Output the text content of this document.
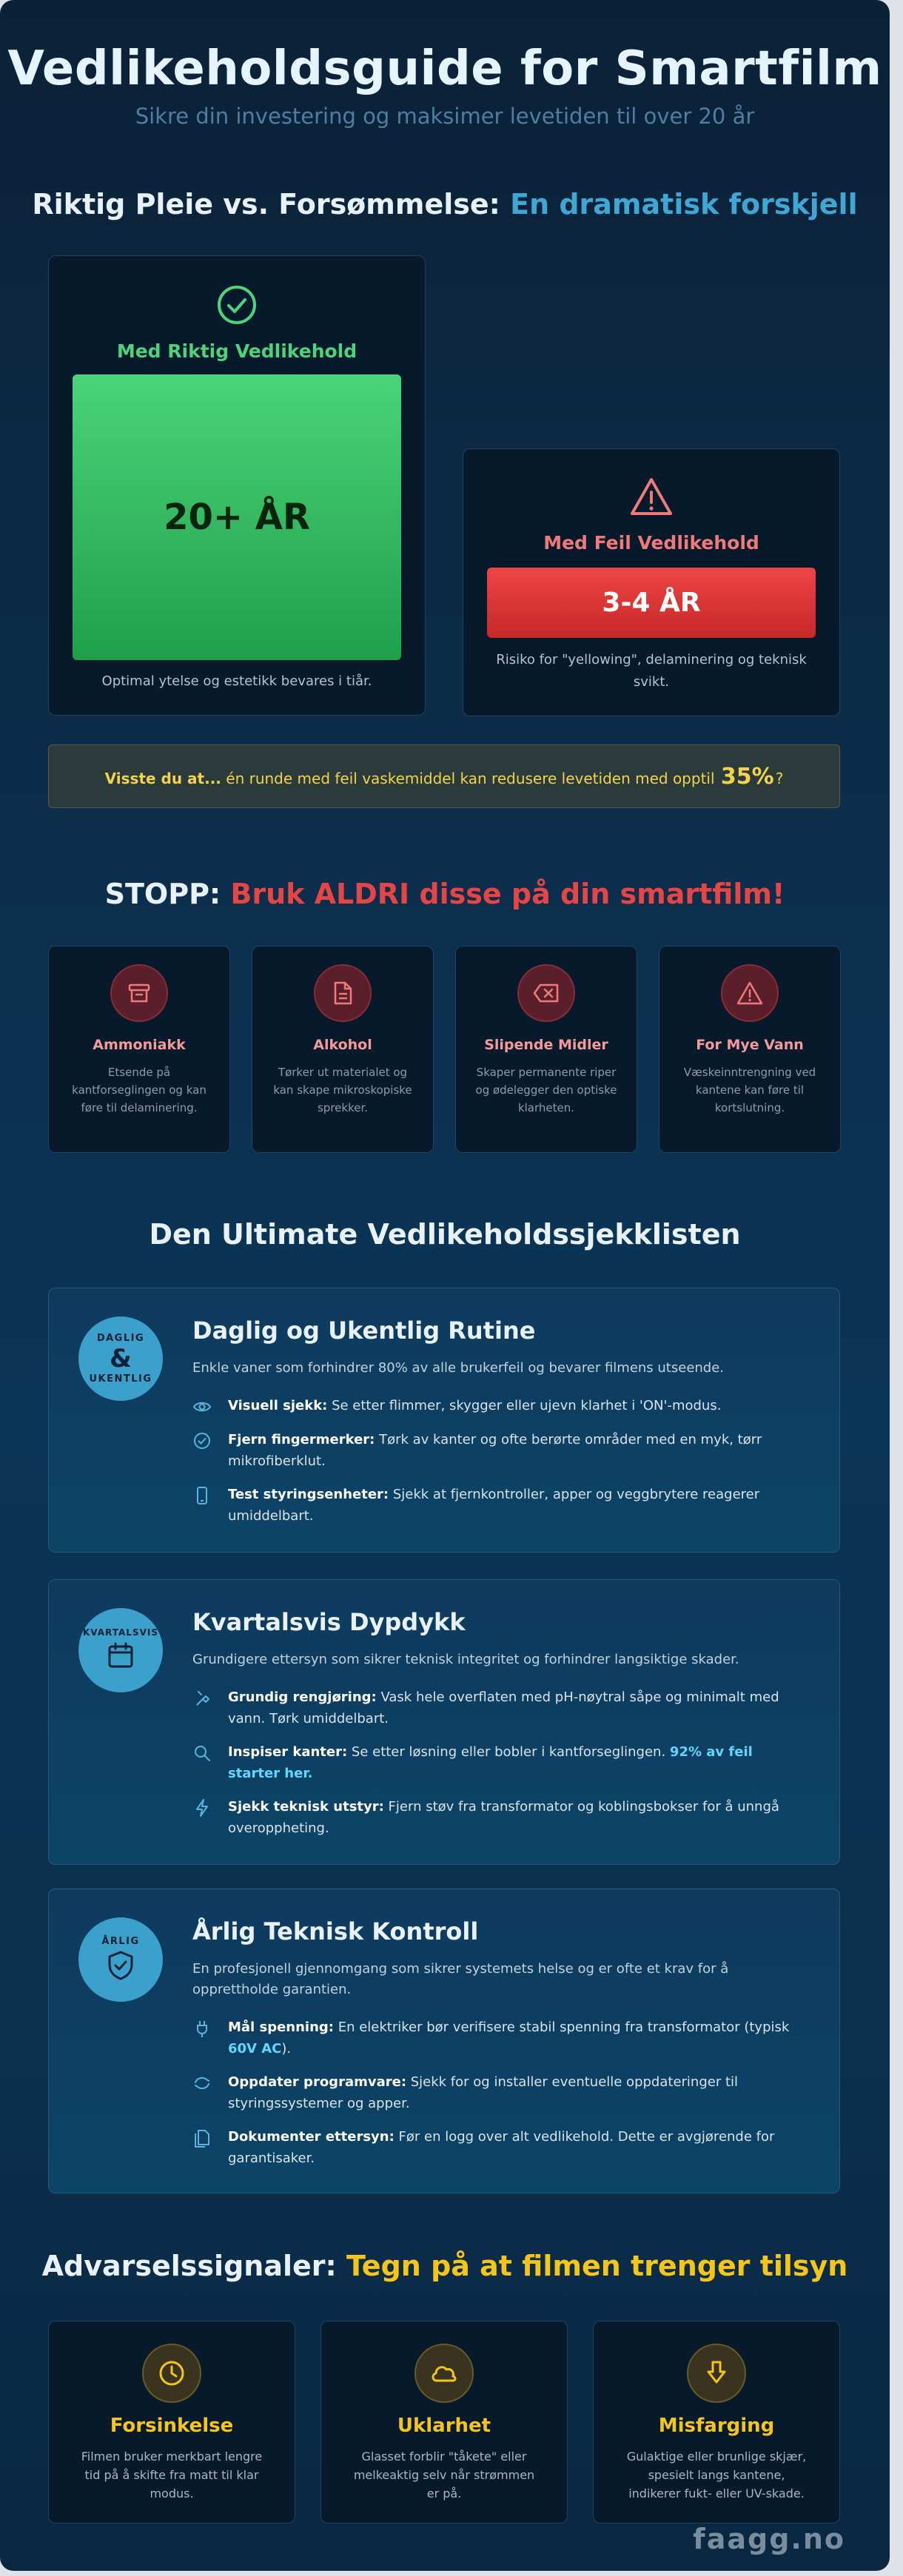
Vedlikeholdsguide for Smartfilm
Sikre din investering og maksimer levetiden til over 20 år
Riktig Pleie vs. Forsømmelse: En dramatisk forskjell
Med Riktig Vedlikehold
20+ ÅR
Optimal ytelse og estetikk bevares i tiår.
Med Feil Vedlikehold
3-4 ÅR
Risiko for "yellowing", delaminering og teknisk svikt.
Visste du at... én runde med feil vaskemiddel kan redusere levetiden med opptil 35% ?
STOPP: Bruk ALDRI disse på din smartfilm!
Ammoniakk
Etsende på kantforseglingen og kan føre til delaminering.
Alkohol
Tørker ut materialet og kan skape mikroskopiske sprekker.
Slipende Midler
Skaper permanente riper og ødelegger den optiske klarheten.
For Mye Vann
Væskeinntrengning ved kantene kan føre til kortslutning.
Den Ultimate Vedlikeholdssjekklisten
DAGLIG
&
UKENTLIG
Daglig og Ukentlig Rutine
Enkle vaner som forhindrer 80% av alle brukerfeil og bevarer filmens utseende.
Visuell sjekk: Se etter flimmer, skygger eller ujevn klarhet i 'ON'-modus.
Fjern fingermerker: Tørk av kanter og ofte berørte områder med en myk, tørr mikrofiberklut.
Test styringsenheter: Sjekk at fjernkontroller, apper og veggbrytere reagerer umiddelbart.
KVARTALSVIS Kvartalsvis Dypdykk
Grundigere ettersyn som sikrer teknisk integritet og forhindrer langsiktige skader.
Grundig rengjøring: Vask hele overflaten med pH-nøytral såpe og minimalt med vann. Tørk umiddelbart.
Inspiser kanter: Se etter løsning eller bobler i kantforseglingen. 92% av feil starter her.
Sjekk teknisk utstyr: Fjern støv fra transformator og koblingsbokser for å unngå overoppheting.
ÅRLIG Årlig Teknisk Kontroll
En profesjonell gjennomgang som sikrer systemets helse og er ofte et krav for å opprettholde garantien.
Mål spenning: En elektriker bør verifisere stabil spenning fra transformator (typisk 60V AC).
Oppdater programvare: Sjekk for og installer eventuelle oppdateringer til styringssystemer og apper.
Dokumenter ettersyn: Før en logg over alt vedlikehold. Dette er avgjørende for garantisaker.
Advarselssignaler: Tegn på at filmen trenger tilsyn
Forsinkelse
Filmen bruker merkbart lengre tid på å skifte fra matt til klar modus.
Uklarhet
Glasset forblir "tåkete" eller melkeaktig selv når strømmen er på.
Misfarging
Gulaktige eller brunlige skjær, spesielt langs kantene, indikerer fukt- eller UV-skade.
faagg.no
